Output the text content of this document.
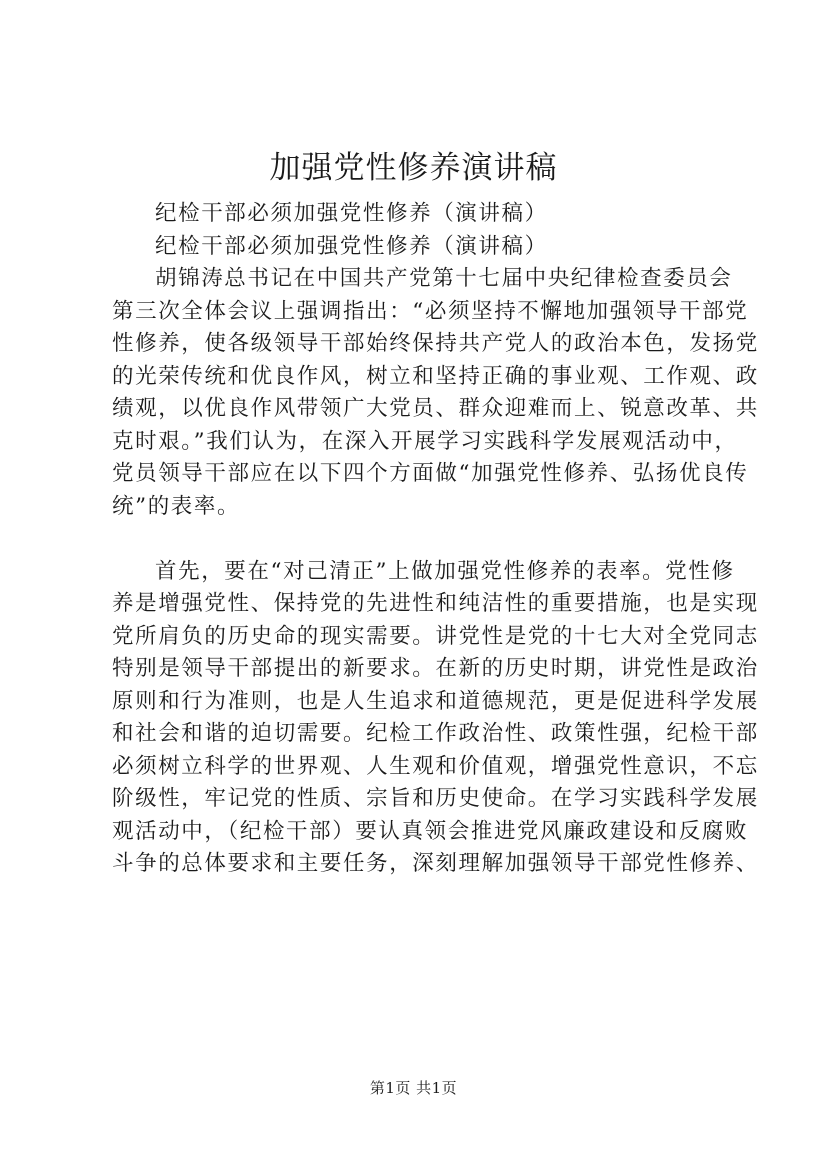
加强党性修养演讲稿
纪检干部必须加强党性修养（演讲稿）
纪检干部必须加强党性修养（演讲稿）
胡锦涛总书记在中国共产党第十七届中央纪律检查委员会
第三次全体会议上强调指出：“必须坚持不懈地加强领导干部党
性修养，使各级领导干部始终保持共产党人的政治本色，发扬党
的光荣传统和优良作风，树立和坚持正确的事业观、工作观、政
绩观，以优良作风带领广大党员、群众迎难而上、锐意改革、共
克时艰。”我们认为，在深入开展学习实践科学发展观活动中，
党员领导干部应在以下四个方面做“加强党性修养、弘扬优良传
统”的表率。
首先，要在“对己清正”上做加强党性修养的表率。党性修
养是增强党性、保持党的先进性和纯洁性的重要措施，也是实现
党所肩负的历史命的现实需要。讲党性是党的十七大对全党同志
特别是领导干部提出的新要求。在新的历史时期，讲党性是政治
原则和行为准则，也是人生追求和道德规范，更是促进科学发展
和社会和谐的迫切需要。纪检工作政治性、政策性强，纪检干部
必须树立科学的世界观、人生观和价值观，增强党性意识，不忘
阶级性，牢记党的性质、宗旨和历史使命。在学习实践科学发展
观活动中，（纪检干部）要认真领会推进党风廉政建设和反腐败
斗争的总体要求和主要任务，深刻理解加强领导干部党性修养、
第1页 共1页
